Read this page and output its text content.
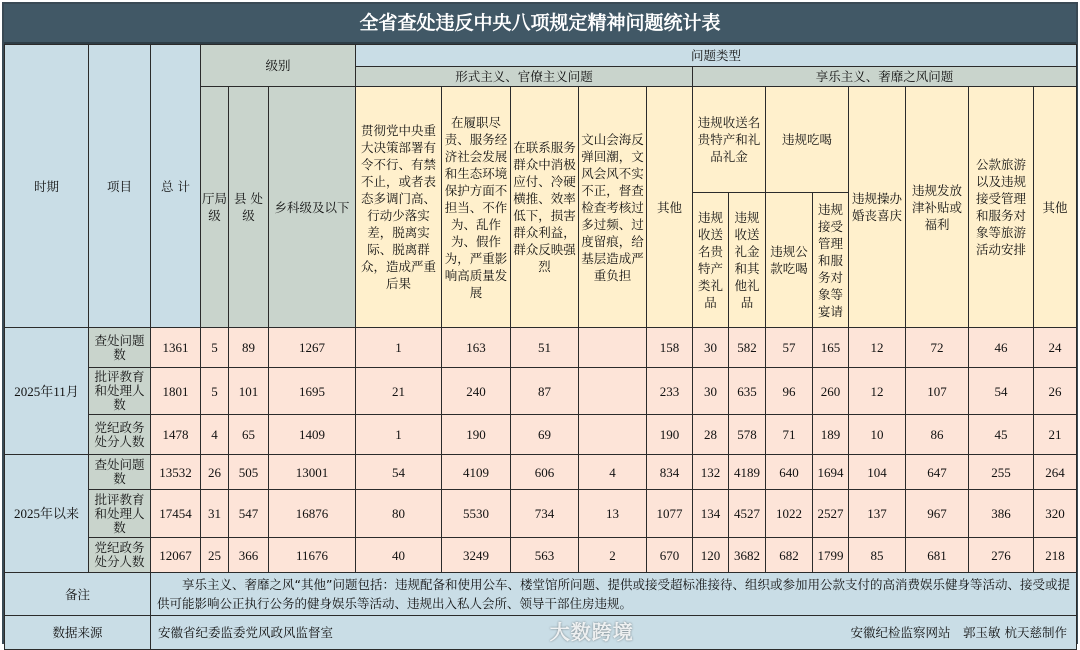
全省查处违反中央八项规定精神问题统计表
时期	项目	总 计	级别			问题类型												
						形式主义、官僚主义问题					享乐主义、奢靡之风问题							
			厅局级	县 处级	乡科级及以下	贯彻党中央重大决策部署有令不行、有禁不止，或者表态多调门高、行动少落实差，脱离实际、脱离群众，造成严重后果	在履职尽责、服务经济社会发展和生态环境保护方面不担当、不作为、乱作为、假作为，严重影响高质量发展	在联系服务群众中消极应付、冷硬横推、效率低下，损害群众利益，群众反映强烈	文山会海反弹回潮，文风会风不实不正，督查检查考核过多过频、过度留痕，给基层造成严重负担	其他	违规收送名贵特产和礼品礼金		违规吃喝		违规操办婚丧喜庆	违规发放津补贴或福利	公款旅游以及违规接受管理和服务对象等旅游活动安排	其他
											违规收送名贵特产类礼品	违规收送礼金和其他礼品	违规公款吃喝	违规接受管理和服务对象等宴请				
2025年11月	查处问题数	1361	5	89	1267	1	163	51		158	30	582	57	165	12	72	46	24
	批评教育和处理人数	1801	5	101	1695	21	240	87		233	30	635	96	260	12	107	54	26
	党纪政务处分人数	1478	4	65	1409	1	190	69		190	28	578	71	189	10	86	45	21
2025年以来	查处问题数	13532	26	505	13001	54	4109	606	4	834	132	4189	640	1694	104	647	255	264
	批评教育和处理人数	17454	31	547	16876	80	5530	734	13	1077	134	4527	1022	2527	137	967	386	320
	党纪政务处分人数	12067	25	366	11676	40	3249	563	2	670	120	3682	682	1799	85	681	276	218
备注		享乐主义、奢靡之风“其他”问题包括：违规配备和使用公车、楼堂馆所问题、提供或接受超标准接待、组织或参加用公款支付的高消费娱乐健身等活动、接受或提供可能影响公正执行公务的健身娱乐等活动、违规出入私人会所、领导干部住房违规。																
数据来源		安徽省纪委监委党风政风监督室 大数跨境 安徽纪检监察网站　郭玉敏 杭天慈制作																
